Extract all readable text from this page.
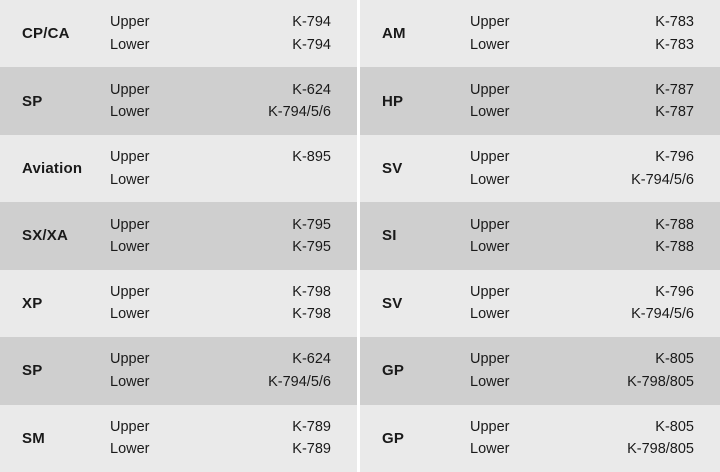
CP/CA
Upper
Lower
K-794
K-794
AM
Upper
Lower
K-783
K-783
SP
Upper
Lower
K-624
K-794/5/6
HP
Upper
Lower
K-787
K-787
Aviation
Upper
Lower
K-895
SV
Upper
Lower
K-796
K-794/5/6
SX/XA
Upper
Lower
K-795
K-795
SI
Upper
Lower
K-788
K-788
XP
Upper
Lower
K-798
K-798
SV
Upper
Lower
K-796
K-794/5/6
SP
Upper
Lower
K-624
K-794/5/6
GP
Upper
Lower
K-805
K-798/805
SM
Upper
Lower
K-789
K-789
GP
Upper
Lower
K-805
K-798/805
